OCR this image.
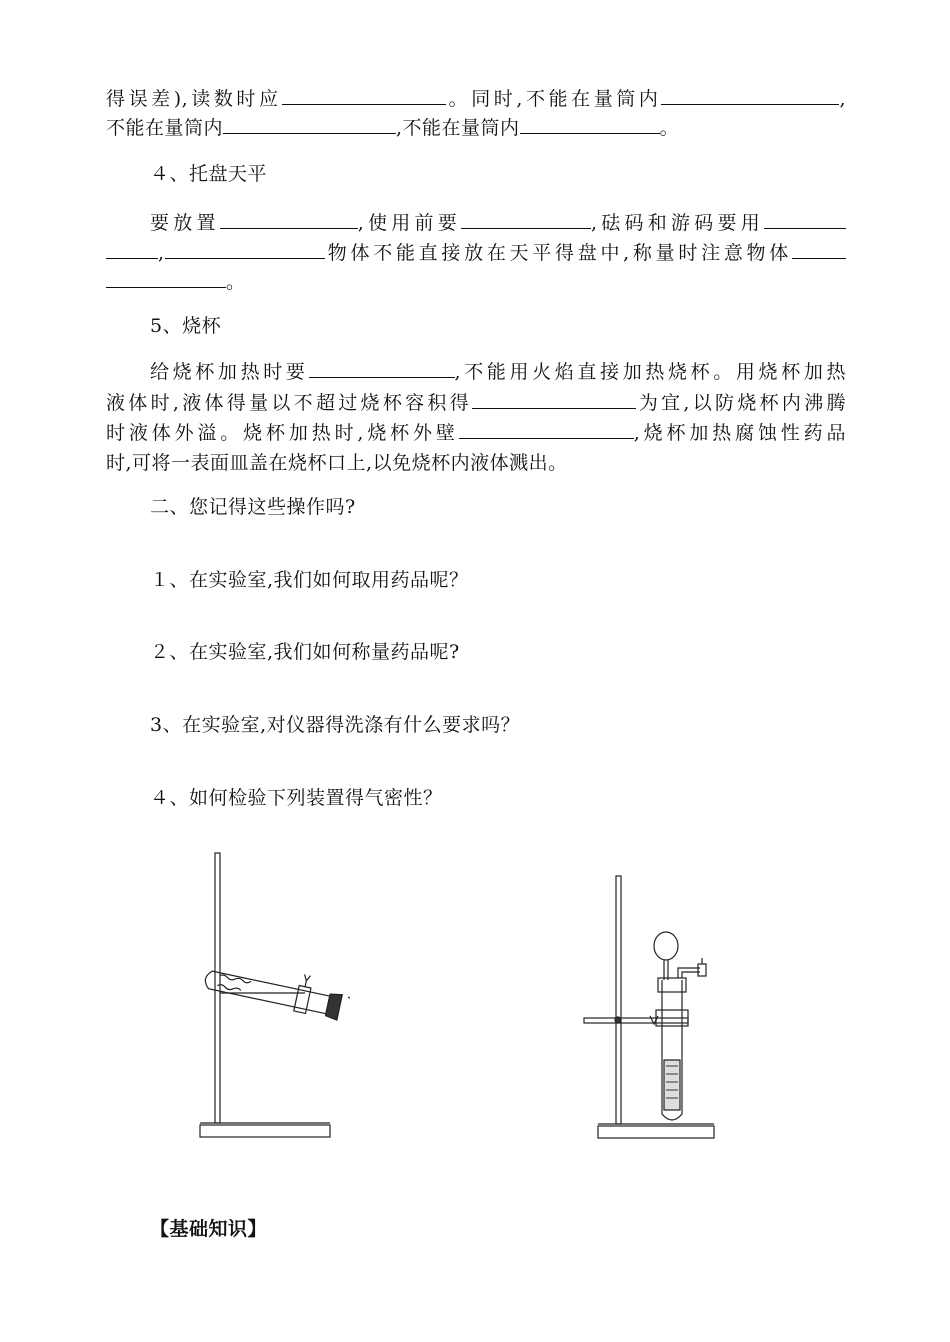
得误差),读数时应	。同时,不能在量筒内	,
不能在量筒内	,不能在量筒内	。
４、托盘天平
要放置	,使用前要	,砝码和游码要用
,	物体不能直接放在天平得盘中,称量时注意物体
。
5、烧杯
给烧杯加热时要	,不能用火焰直接加热烧杯。用烧杯加热
液体时,液体得量以不超过烧杯容积得	为宜,以防烧杯内沸腾
时液体外溢。烧杯加热时,烧杯外壁	,烧杯加热腐蚀性药品
时,可将一表面皿盖在烧杯口上,以免烧杯内液体溅出。
二、您记得这些操作吗?
１、在实验室,我们如何取用药品呢？
２、在实验室,我们如何称量药品呢?
3、在实验室,对仪器得洗涤有什么要求吗？
４、如何检验下列装置得气密性？
【基础知识】
